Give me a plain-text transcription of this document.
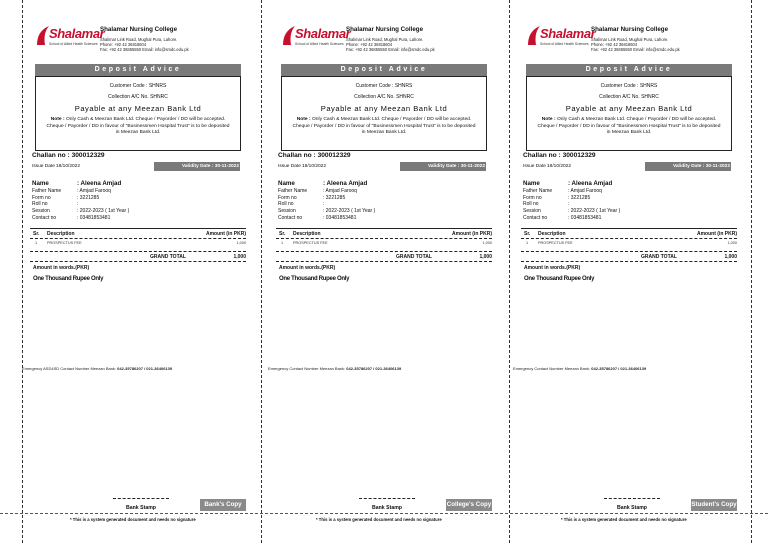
Shalamar
School of Allied Health Sciences
Shalamar Nursing College
Shalimar Link Road, Mughal Pura, Lahore.
Phone: +92 42 36818604
Fax: +92 42 36855550 Email: info@smdc.edu.pk
Deposit Advice
Customer Code : SHNRS
Collection A/C No. SHNRC
Payable at any Meezan Bank Ltd
Note : Only Cash & Meezan Bank Ltd. Cheque / Payorder / DD will be accepted. Cheque / Payorder / DD in favour of "Businessmen Hospital Trust" is to be deposited in Meezan Bank Ltd.
Challan no : 300012329
Issue Date :
18/10/2022	Validity Date : 30-11-2022
Name	: Aleena Amjad
Father Name	: Amjad Farooq
Form no	: 3221285
Roll no	:
Session	: 2022-2023 ( 1st Year )
Contact no	: 03481853481
Sr. Description	Amount (in PKR)
1	PROSPECTUS FEE	1,000
GRAND TOTAL	1,000
Amount in words.(PKR)
One Thousand Rupee Only
Emergency ASD4SD Contact Number Meezan Bank: 042-35786207 / 021-36406139
Bank Stamp	Bank's Copy
* This is a system generated document and needs no signature
Shalamar
School of Allied Health Sciences
Shalamar Nursing College
Shalimar Link Road, Mughal Pura, Lahore.
Phone: +92 42 36818604
Fax: +92 42 36855550 Email: info@smdc.edu.pk
Deposit Advice
Customer Code : SHNRS
Collection A/C No. SHNRC
Payable at any Meezan Bank Ltd
Note : Only Cash & Meezan Bank Ltd. Cheque / Payorder / DD will be accepted. Cheque / Payorder / DD in favour of "Businessmen Hospital Trust" is to be deposited in Meezan Bank Ltd.
Challan no : 300012329
Issue Date :
18/10/2022	Validity Date : 30-11-2022
Name	: Aleena Amjad
Father Name	: Amjad Farooq
Form no	: 3221285
Roll no	:
Session	: 2022-2023 ( 1st Year )
Contact no	: 03481853481
Sr. Description	Amount (in PKR)
1	PROSPECTUS FEE	1,000
GRAND TOTAL	1,000
Amount in words.(PKR)
One Thousand Rupee Only
Emergency Contact Number Meezan Bank: 042-35786207 / 021-36406139
Bank Stamp	College's Copy
* This is a system generated document and needs no signature
Shalamar
School of Allied Health Sciences
Shalamar Nursing College
Shalimar Link Road, Mughal Pura, Lahore.
Phone: +92 42 36818604
Fax: +92 42 36855550 Email: info@smdc.edu.pk
Deposit Advice
Customer Code : SHNRS
Collection A/C No. SHNRC
Payable at any Meezan Bank Ltd
Note : Only Cash & Meezan Bank Ltd. Cheque / Payorder / DD will be accepted. Cheque / Payorder / DD in favour of "Businessmen Hospital Trust" is to be deposited in Meezan Bank Ltd.
Challan no : 300012329
Issue Date :
18/10/2022	Validity Date : 30-11-2022
Name	: Aleena Amjad
Father Name	: Amjad Farooq
Form no	: 3221285
Roll no	:
Session	: 2022-2023 ( 1st Year )
Contact no	: 03481853481
Sr. Description	Amount (in PKR)
1	PROSPECTUS FEE	1,000
GRAND TOTAL	1,000
Amount in words.(PKR)
One Thousand Rupee Only
Emergency Contact Number Meezan Bank: 042-35786207 / 021-36406139
Bank Stamp	Student's Copy
* This is a system generated document and needs no signature
